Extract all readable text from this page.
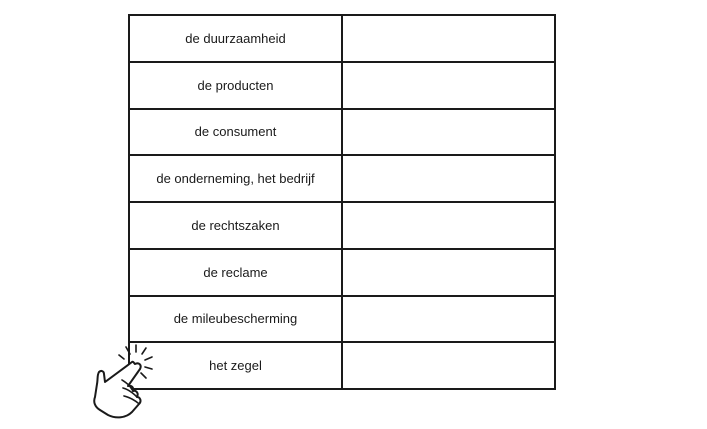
de duurzaamheid	
de producten	
de consument	
de onderneming, het bedrijf	
de rechtszaken	
de reclame	
de mileubescherming	
het zegel	
